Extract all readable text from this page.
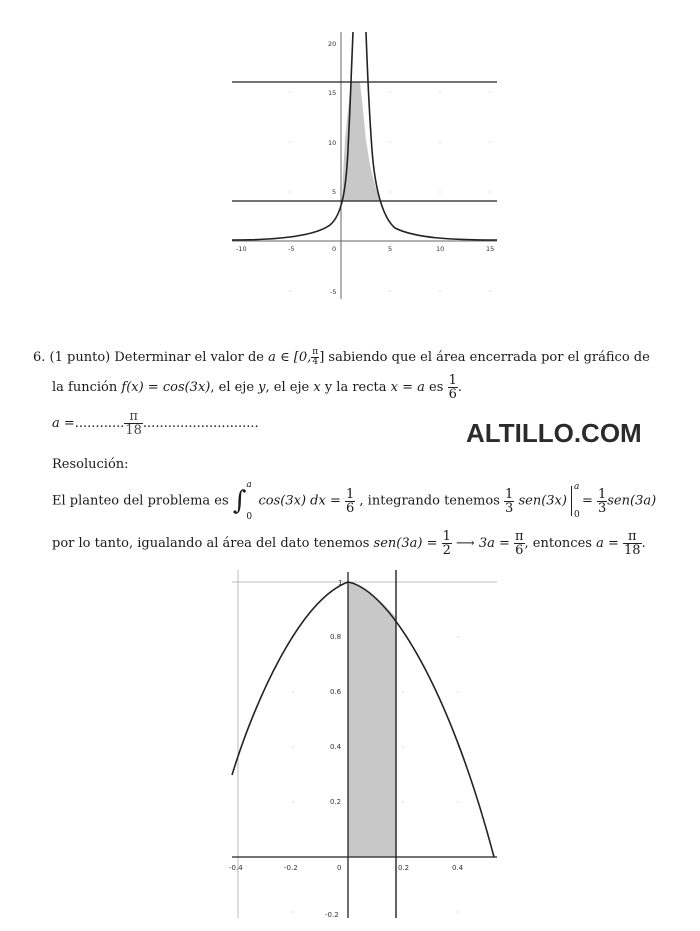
-10	-5	0	5	10	15
20
15
10
5
-5
6. (1 punto) Determinar el valor de a ∈ [0, $\frac{\pi}{4}$ ] sabiendo que el área encerrada por el gráfico de
la función f(x) = cos(3x), el eje y, el eje x y la recta x = a es $\frac{1}{6}$ .
a =............ $\frac{\pi}{18}$ ............................	ALTILLO.COM
Resolución:
El planteo del problema es ∫
a
0
cos(3x) dx = $\frac{1}{6}$ , integrando tenemos $\frac{1}{3} sen(3x)$
a
0
= $\frac{1}{3} sen(3a)$
por lo tanto, igualando al área del dato tenemos $sen(3a) = \frac{1}{2}$ ⟶ $3a = \frac{\pi}{6}$ , entonces $a = \frac{\pi}{18}$ .
-0.4	-0.2	0	0.2	0.4
1
0.8
0.6
0.4
0.2
-0.2
